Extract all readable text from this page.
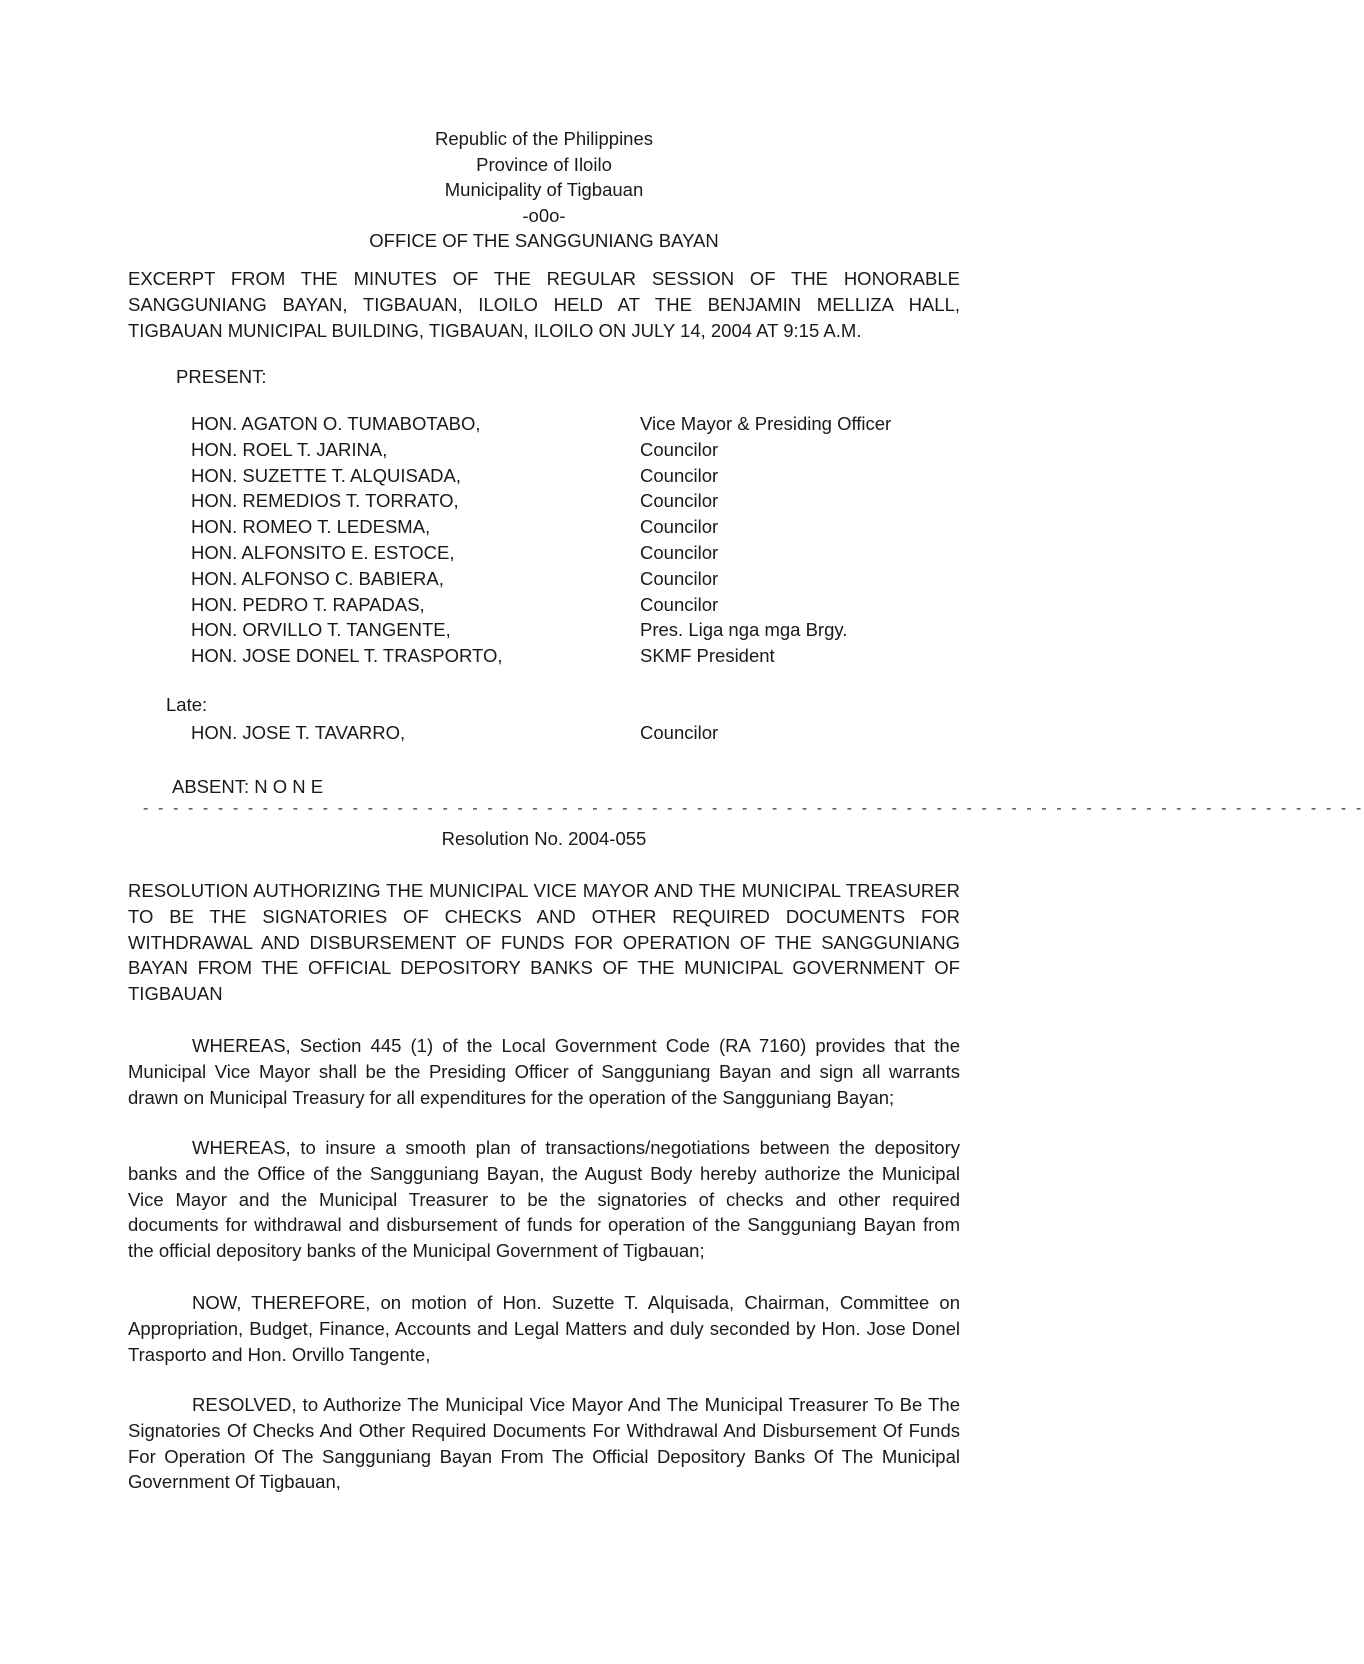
Republic of the Philippines
Province of Iloilo
Municipality of Tigbauan
-o0o-
OFFICE OF THE SANGGUNIANG BAYAN
EXCERPT FROM THE MINUTES OF THE REGULAR SESSION OF THE HONORABLE SANGGUNIANG BAYAN, TIGBAUAN, ILOILO HELD AT THE BENJAMIN MELLIZA HALL, TIGBAUAN MUNICIPAL BUILDING, TIGBAUAN, ILOILO ON JULY 14, 2004 AT 9:15 A.M.
PRESENT:
HON. AGATON O. TUMABOTABO,	Vice Mayor & Presiding Officer
HON. ROEL T. JARINA,	Councilor
HON. SUZETTE T. ALQUISADA,	Councilor
HON. REMEDIOS T. TORRATO,	Councilor
HON. ROMEO T. LEDESMA,	Councilor
HON. ALFONSITO E. ESTOCE,	Councilor
HON. ALFONSO C. BABIERA,	Councilor
HON. PEDRO T. RAPADAS,	Councilor
HON. ORVILLO T. TANGENTE,	Pres. Liga nga mga Brgy.
HON. JOSE DONEL T. TRASPORTO,	SKMF President
Late:
HON. JOSE T. TAVARRO,	Councilor
ABSENT: N O N E
- - - - - - - - - - - - - - - - - - - - - - - - - - - - - - - - - - - - - - - - - - - - - - - - - - - - - - - - - - - - - - - - - - - - - - - - - - - - - - - - - -
Resolution No. 2004-055
RESOLUTION AUTHORIZING THE MUNICIPAL VICE MAYOR AND THE MUNICIPAL TREASURER TO BE THE SIGNATORIES OF CHECKS AND OTHER REQUIRED DOCUMENTS FOR WITHDRAWAL AND DISBURSEMENT OF FUNDS FOR OPERATION OF THE SANGGUNIANG BAYAN FROM THE OFFICIAL DEPOSITORY BANKS OF THE MUNICIPAL GOVERNMENT OF TIGBAUAN
WHEREAS, Section 445 (1) of the Local Government Code (RA 7160) provides that the Municipal Vice Mayor shall be the Presiding Officer of Sangguniang Bayan and sign all warrants drawn on Municipal Treasury for all expenditures for the operation of the Sangguniang Bayan;
WHEREAS, to insure a smooth plan of transactions/negotiations between the depository banks and the Office of the Sangguniang Bayan, the August Body hereby authorize the Municipal Vice Mayor and the Municipal Treasurer to be the signatories of checks and other required documents for withdrawal and disbursement of funds for operation of the Sangguniang Bayan from the official depository banks of the Municipal Government of Tigbauan;
NOW, THEREFORE, on motion of Hon. Suzette T. Alquisada, Chairman, Committee on Appropriation, Budget, Finance, Accounts and Legal Matters and duly seconded by Hon. Jose Donel Trasporto and Hon. Orvillo Tangente,
RESOLVED, to Authorize The Municipal Vice Mayor And The Municipal Treasurer To Be The Signatories Of Checks And Other Required Documents For Withdrawal And Disbursement Of Funds For Operation Of The Sangguniang Bayan From The Official Depository Banks Of The Municipal Government Of Tigbauan,
